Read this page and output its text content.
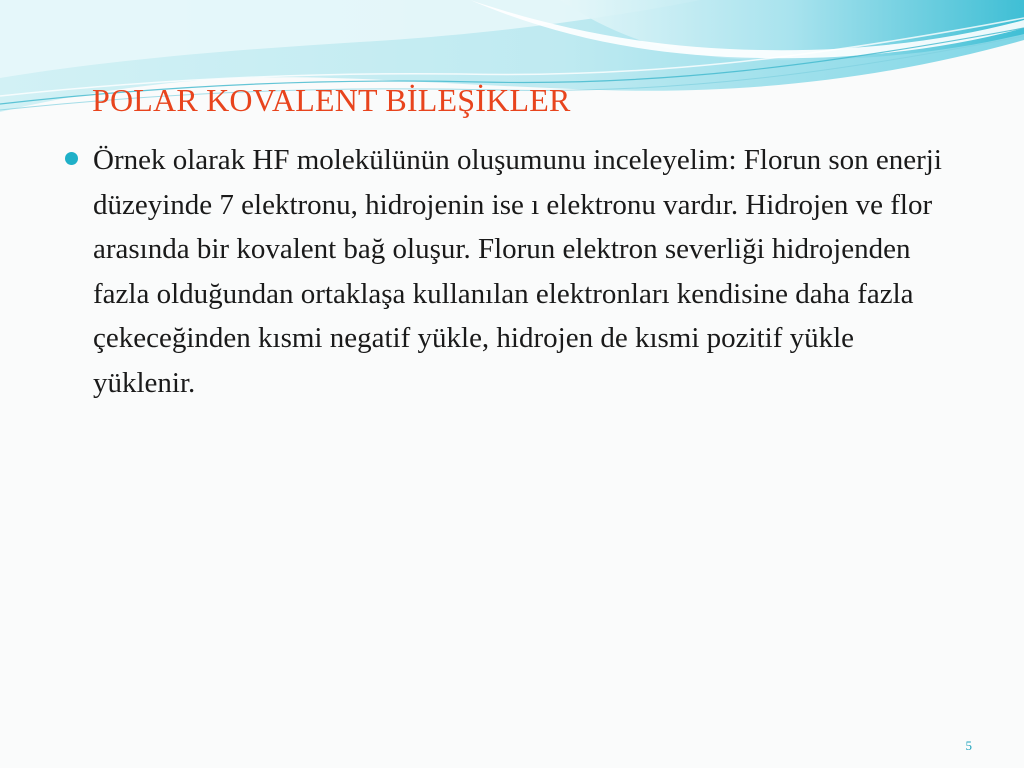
POLAR KOVALENT BİLEŞİKLER
Örnek olarak HF molekülünün oluşumunu inceleyelim: Florun son enerji düzeyinde 7 elektronu, hidrojenin ise ı elektronu vardır. Hidrojen ve flor arasında bir kovalent bağ oluşur. Florun elektron severliği hidrojenden fazla olduğundan ortaklaşa kullanılan elektronları kendisine daha fazla çekeceğinden kısmi negatif yükle, hidrojen de kısmi pozitif yükle yüklenir.
5
